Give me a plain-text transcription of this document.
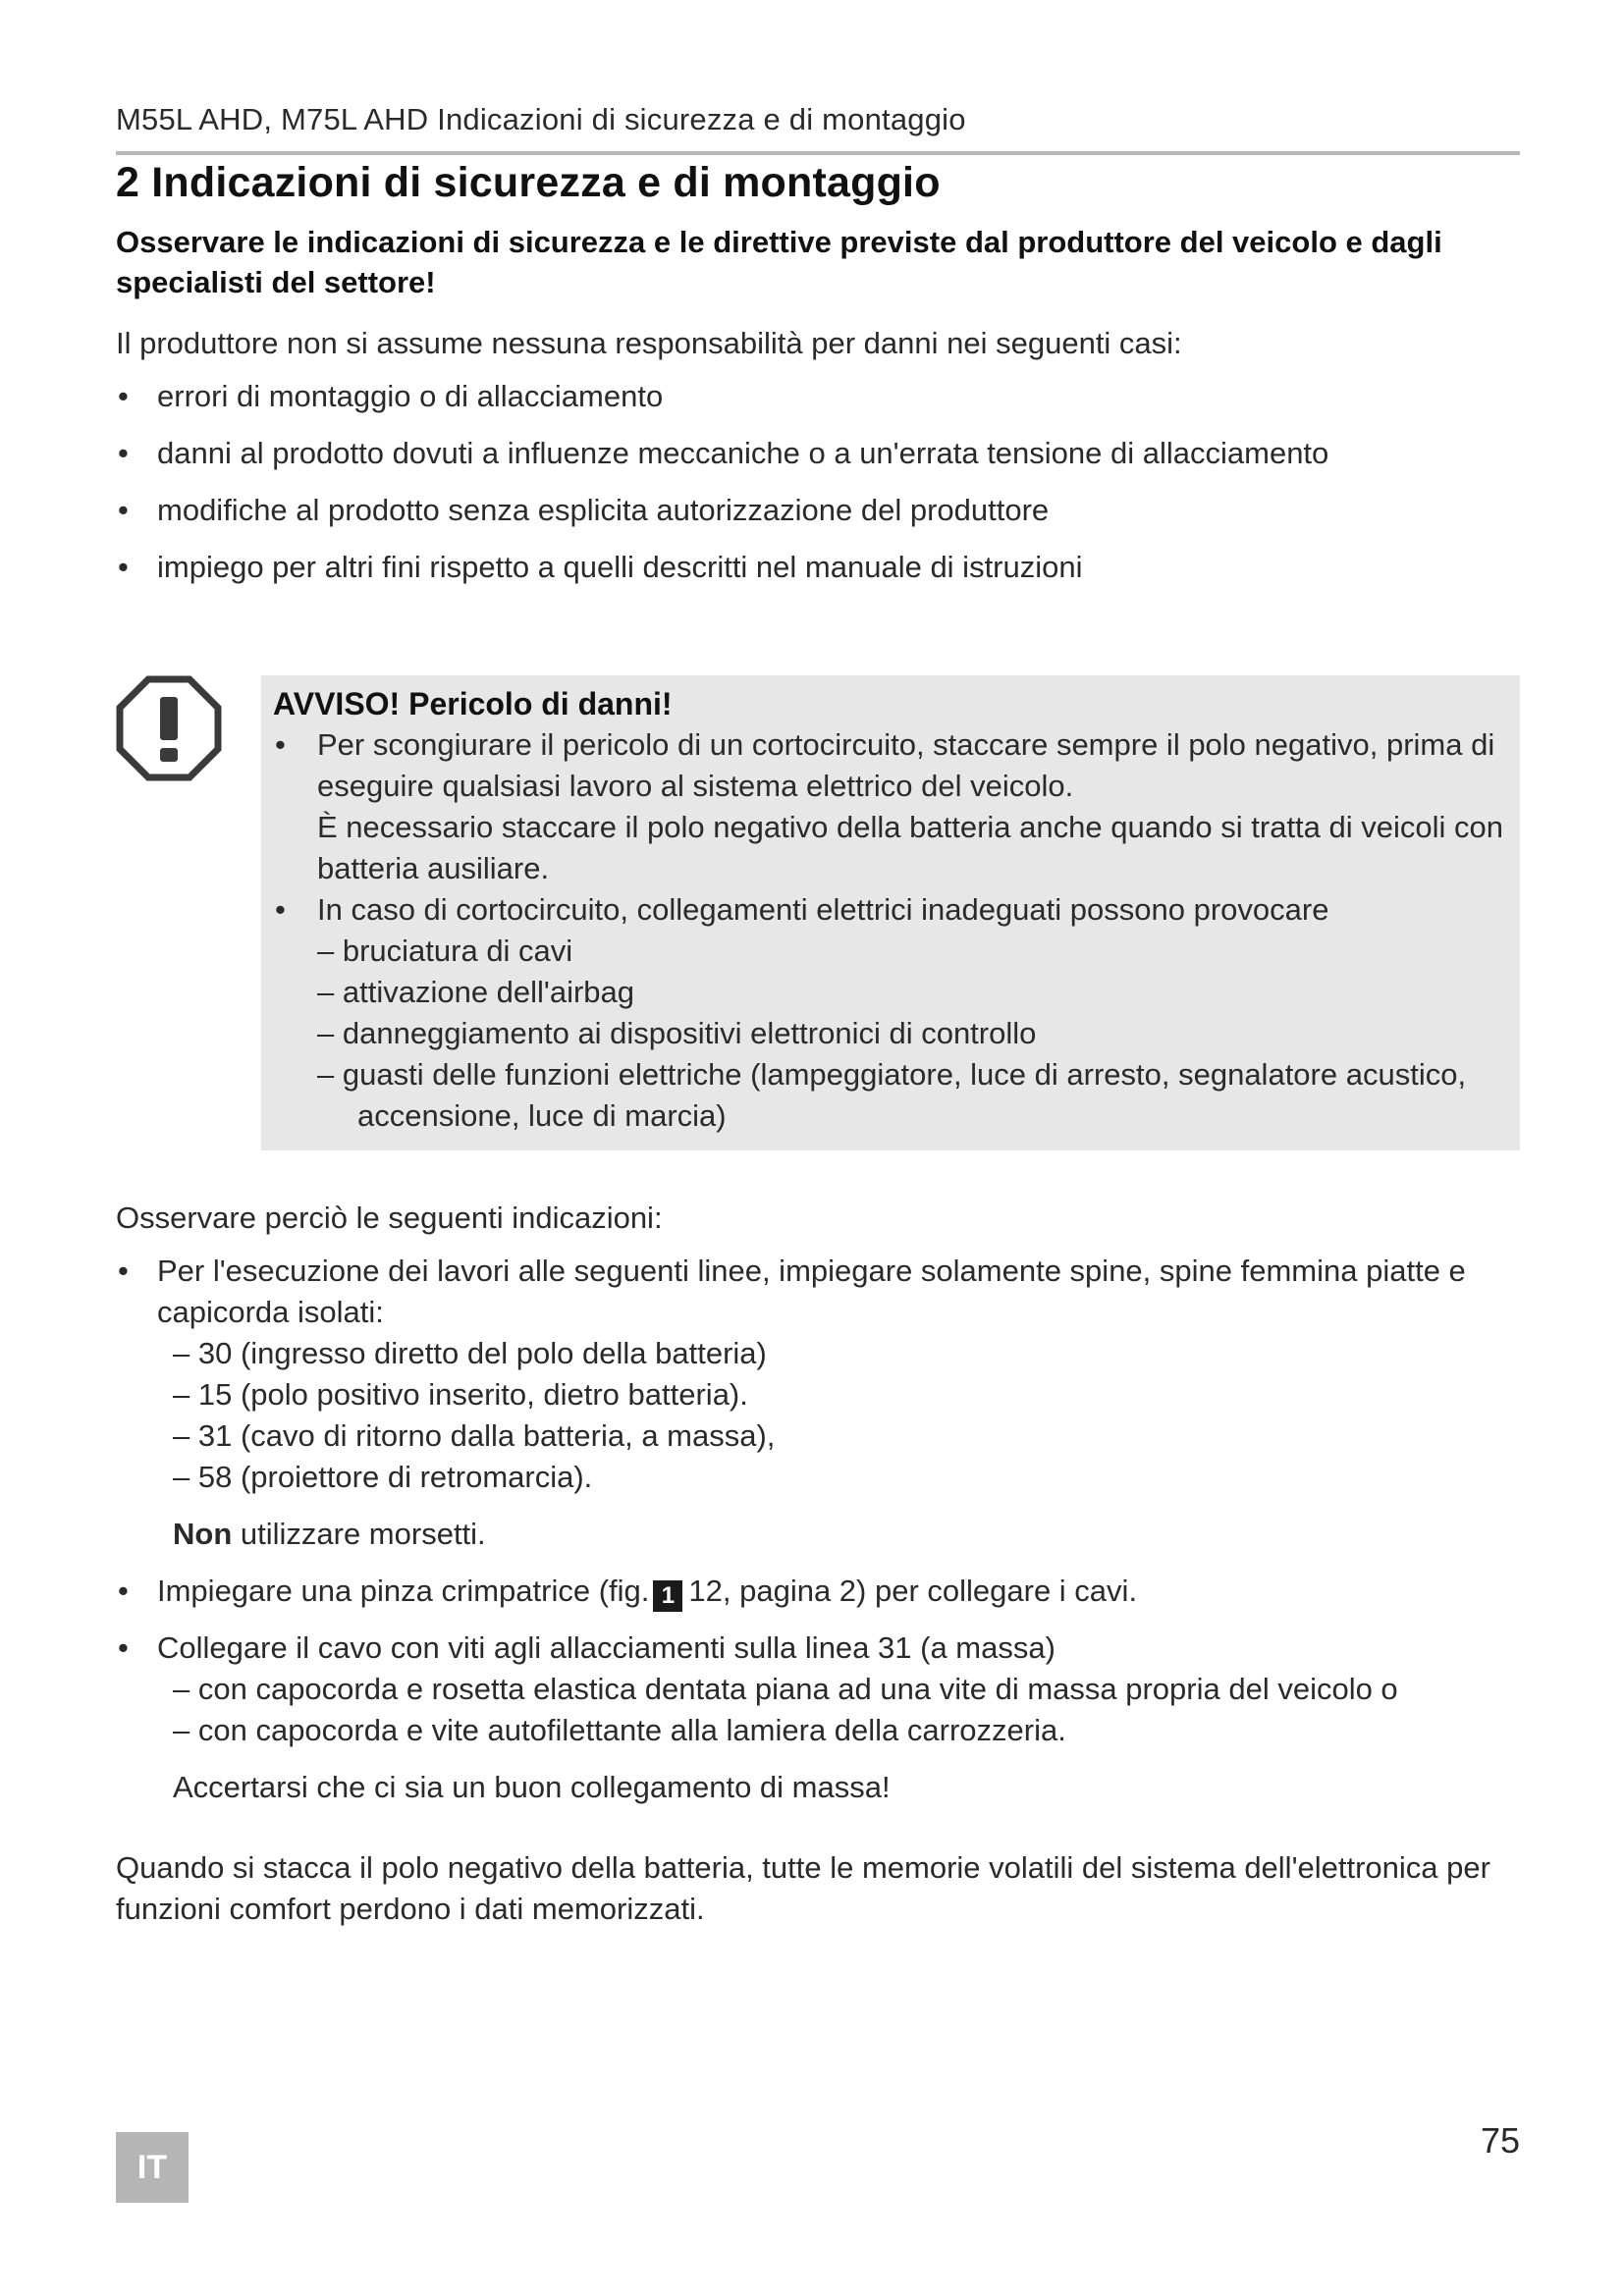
M55L AHD, M75L AHD Indicazioni di sicurezza e di montaggio
2 Indicazioni di sicurezza e di montaggio

Osservare le indicazioni di sicurezza e le direttive previste dal produttore del veicolo e dagli specialisti del settore!

Il produttore non si assume nessuna responsabilità per danni nei seguenti casi:

• errori di montaggio o di allacciamento
• danni al prodotto dovuti a influenze meccaniche o a un'errata tensione di allacciamento
• modifiche al prodotto senza esplicita autorizzazione del produttore
• impiego per altri fini rispetto a quelli descritti nel manuale di istruzioni
AVVISO! Pericolo di danni!
• Per scongiurare il pericolo di un cortocircuito, staccare sempre il polo negativo, prima di eseguire qualsiasi lavoro al sistema elettrico del veicolo.
È necessario staccare il polo negativo della batteria anche quando si tratta di veicoli con batteria ausiliare.
• In caso di cortocircuito, collegamenti elettrici inadeguati possono provocare
– bruciatura di cavi
– attivazione dell'airbag
– danneggiamento ai dispositivi elettronici di controllo
– guasti delle funzioni elettriche (lampeggiatore, luce di arresto, segnalatore acustico, accensione, luce di marcia)

Osservare perciò le seguenti indicazioni:

• Per l'esecuzione dei lavori alle seguenti linee, impiegare solamente spine, spine femmina piatte e capicorda isolati:
– 30 (ingresso diretto del polo della batteria)
– 15 (polo positivo inserito, dietro batteria).
– 31 (cavo di ritorno dalla batteria, a massa),
– 58 (proiettore di retromarcia).
Non utilizzare morsetti.
• Impiegare una pinza crimpatrice (fig. 1 12, pagina 2) per collegare i cavi.
• Collegare il cavo con viti agli allacciamenti sulla linea 31 (a massa)
– con capocorda e rosetta elastica dentata piana ad una vite di massa propria del veicolo o
– con capocorda e vite autofilettante alla lamiera della carrozzeria.
Accertarsi che ci sia un buon collegamento di massa!

Quando si stacca il polo negativo della batteria, tutte le memorie volatili del sistema dell'elettronica per funzioni comfort perdono i dati memorizzati.

IT
75
